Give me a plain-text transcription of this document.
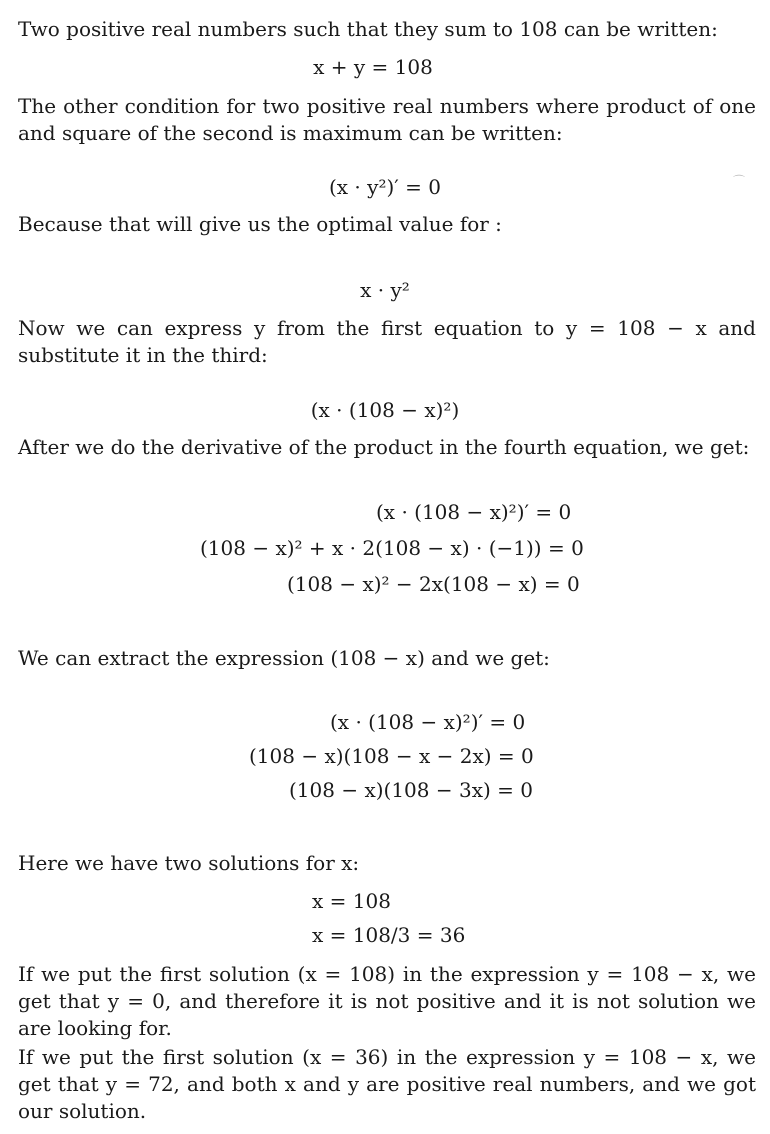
Two positive real numbers such that they sum to 108 can be written:

x + y = 108

The other condition for two positive real numbers where product of one and square of the second is maximum can be written:

(x · y²)′ = 0	⌒

Because that will give us the optimal value for :

x · y²

Now we can express y from the first equation to y = 108 − x and substitute it in the third:

(x · (108 − x)²)

After we do the derivative of the product in the fourth equation, we get:

(x · (108 − x)²)′ = 0
(108 − x)² + x · 2(108 − x) · (−1)) = 0
(108 − x)² − 2x(108 − x) = 0

We can extract the expression (108 − x) and we get:

(x · (108 − x)²)′ = 0
(108 − x)(108 − x − 2x) = 0
(108 − x)(108 − 3x) = 0

Here we have two solutions for x:

x = 108
x = 108/3 = 36

If we put the first solution (x = 108) in the expression y = 108 − x, we get that y = 0, and therefore it is not positive and it is not solution we are looking for.

If we put the first solution (x = 36) in the expression y = 108 − x, we get that y = 72, and both x and y are positive real numbers, and we got our solution.
